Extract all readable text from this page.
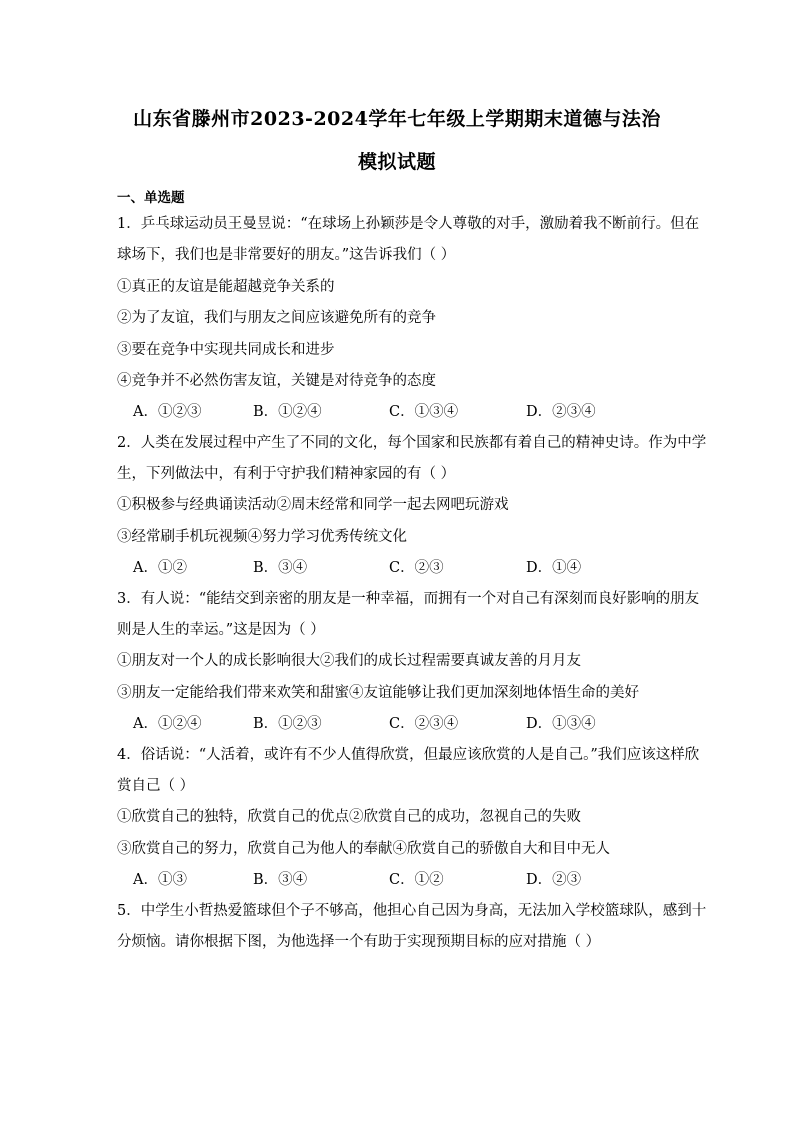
山东省滕州市2023-2024学年七年级上学期期末道德与法治
模拟试题
一、单选题
1．乒乓球运动员王曼昱说：“在球场上孙颖莎是令人尊敬的对手，激励着我不断前行。但在
球场下，我们也是非常要好的朋友。”这告诉我们（ ）
①真正的友谊是能超越竞争关系的
②为了友谊，我们与朋友之间应该避免所有的竞争
③要在竞争中实现共同成长和进步
④竞争并不必然伤害友谊，关键是对待竞争的态度
A．①②③	B．①②④	C．①③④	D．②③④
2．人类在发展过程中产生了不同的文化，每个国家和民族都有着自己的精神史诗。作为中学
生，下列做法中，有利于守护我们精神家园的有（ ）
①积极参与经典诵读活动②周末经常和同学一起去网吧玩游戏
③经常刷手机玩视频④努力学习优秀传统文化
A．①②	B．③④	C．②③	D．①④
3．有人说：“能结交到亲密的朋友是一种幸福，而拥有一个对自己有深刻而良好影响的朋友
则是人生的幸运。”这是因为（ ）
①朋友对一个人的成长影响很大②我们的成长过程需要真诚友善的月月友
③朋友一定能给我们带来欢笑和甜蜜④友谊能够让我们更加深刻地体悟生命的美好
A．①②④	B．①②③	C．②③④	D．①③④
4．俗话说：“人活着，或许有不少人值得欣赏，但最应该欣赏的人是自己。”我们应该这样欣
赏自己（ ）
①欣赏自己的独特，欣赏自己的优点②欣赏自己的成功，忽视自己的失败
③欣赏自己的努力，欣赏自己为他人的奉献④欣赏自己的骄傲自大和目中无人
A．①③	B．③④	C．①②	D．②③
5．中学生小哲热爱篮球但个子不够高，他担心自己因为身高，无法加入学校篮球队，感到十
分烦恼。请你根据下图，为他选择一个有助于实现预期目标的应对措施（ ）
